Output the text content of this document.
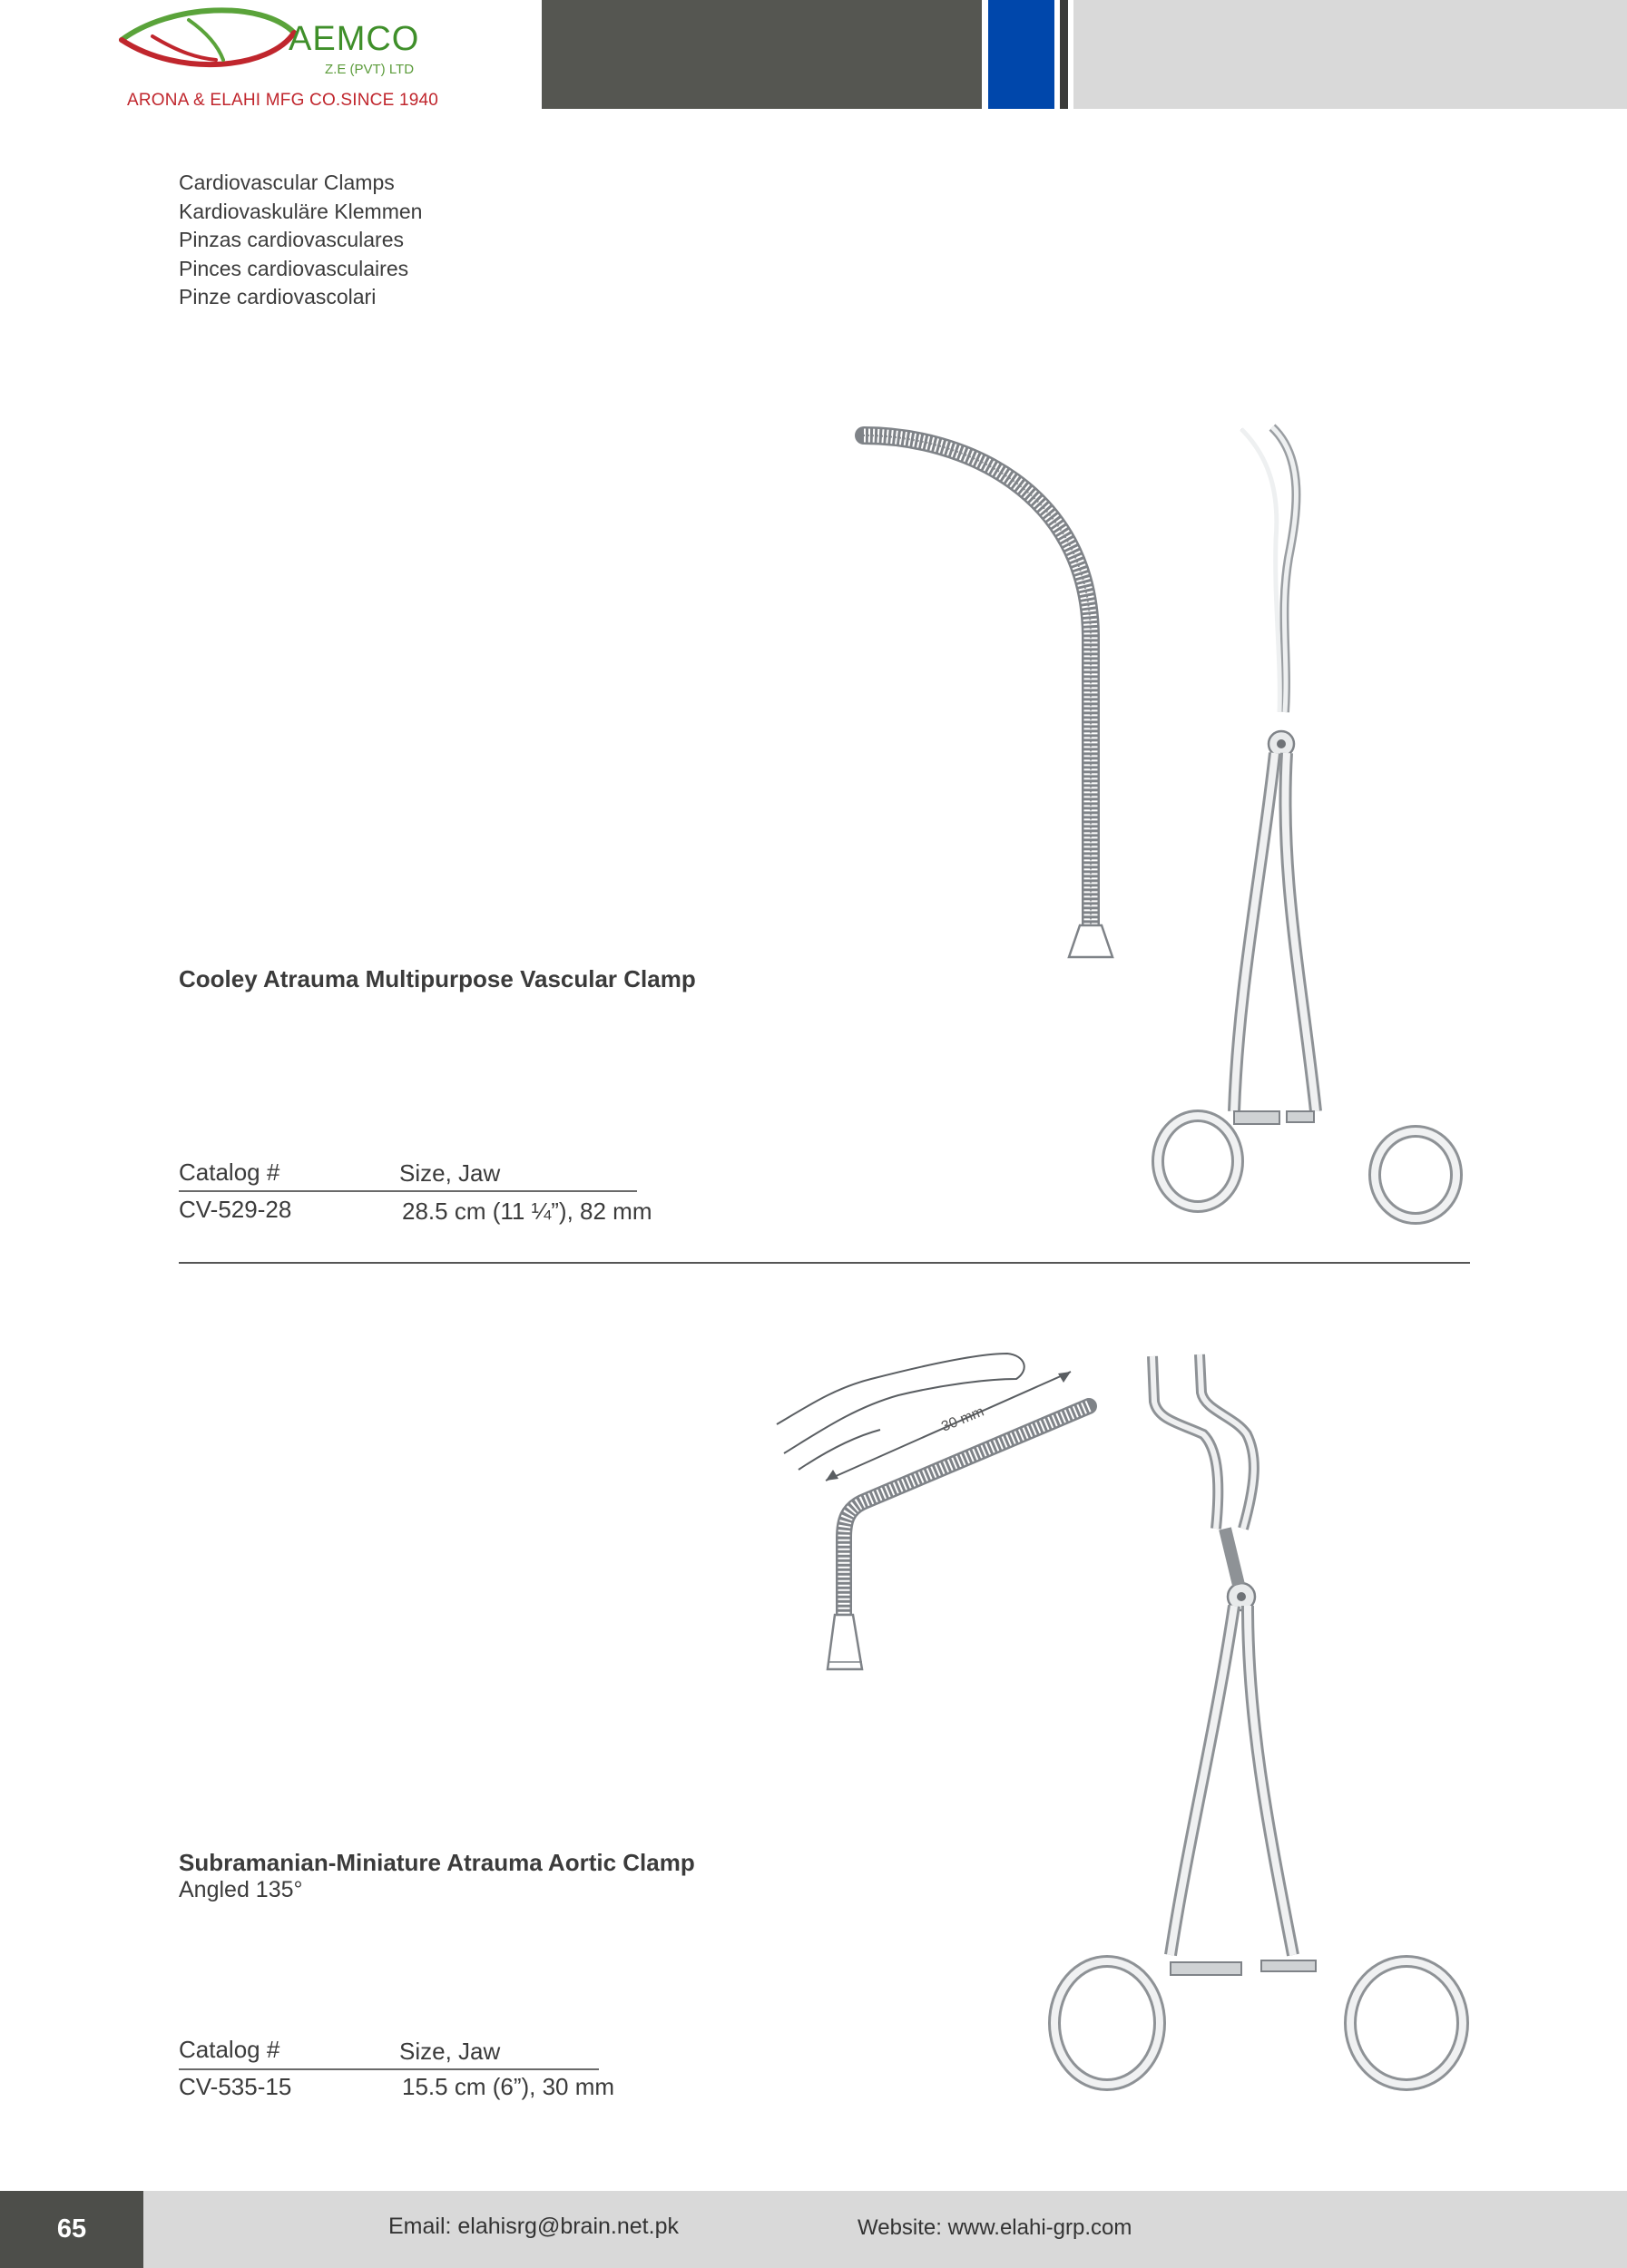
AEMCO
Z.E (PVT) LTD
ARONA & ELAHI MFG CO.SINCE 1940
Cardiovascular Clamps
Kardiovaskuläre Klemmen
Pinzas cardiovasculares
Pinces cardiovasculaires
Pinze cardiovascolari
Cooley Atrauma Multipurpose Vascular Clamp
Catalog #	Size, Jaw
CV-529-28	28.5 cm (11 ¼”), 82 mm
Subramanian-Miniature Atrauma Aortic Clamp
Angled 135°
Catalog #	Size, Jaw
CV-535-15	15.5 cm (6”), 30 mm
30 mm
65	Email: elahisrg@brain.net.pk	Website: www.elahi-grp.com
